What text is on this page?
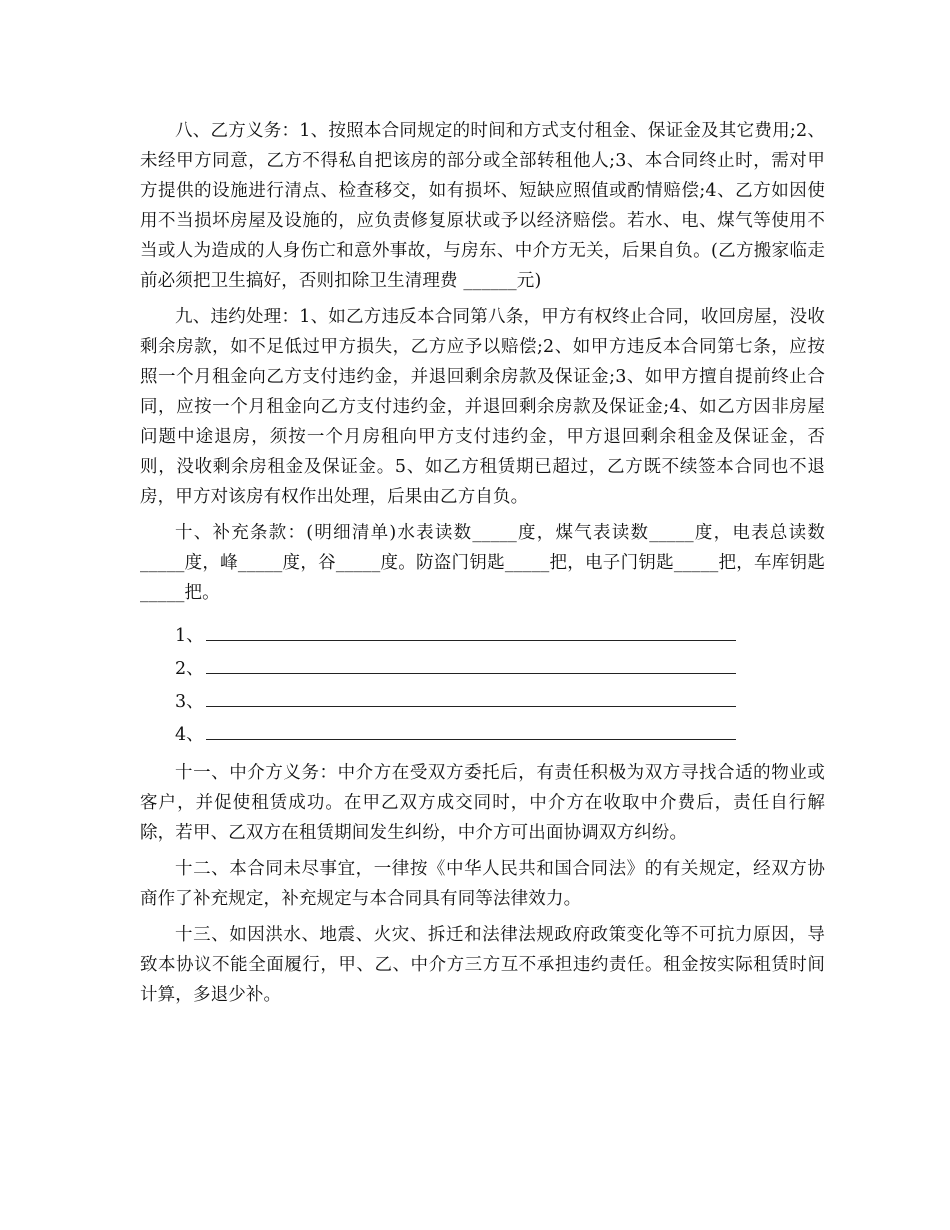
八、乙方义务：1、按照本合同规定的时间和方式支付租金、保证金及其它费用;2、未经甲方同意，乙方不得私自把该房的部分或全部转租他人;3、本合同终止时，需对甲方提供的设施进行清点、检查移交，如有损坏、短缺应照值或酌情赔偿;4、乙方如因使用不当损坏房屋及设施的，应负责修复原状或予以经济赔偿。若水、电、煤气等使用不当或人为造成的人身伤亡和意外事故，与房东、中介方无关，后果自负。(乙方搬家临走前必须把卫生搞好，否则扣除卫生清理费 ______元)

九、违约处理：1、如乙方违反本合同第八条，甲方有权终止合同，收回房屋，没收剩余房款，如不足低过甲方损失，乙方应予以赔偿;2、如甲方违反本合同第七条，应按照一个月租金向乙方支付违约金，并退回剩余房款及保证金;3、如甲方擅自提前终止合同，应按一个月租金向乙方支付违约金，并退回剩余房款及保证金;4、如乙方因非房屋问题中途退房，须按一个月房租向甲方支付违约金，甲方退回剩余租金及保证金，否则，没收剩余房租金及保证金。5、如乙方租赁期已超过，乙方既不续签本合同也不退房，甲方对该房有权作出处理，后果由乙方自负。

十、补充条款：(明细清单)水表读数_____度，煤气表读数_____度，电表总读数_____度，峰_____度，谷_____度。防盗门钥匙_____把，电子门钥匙_____把，车库钥匙_____把。

1、
2、
3、
4、

十一、中介方义务：中介方在受双方委托后，有责任积极为双方寻找合适的物业或客户，并促使租赁成功。在甲乙双方成交同时，中介方在收取中介费后，责任自行解除，若甲、乙双方在租赁期间发生纠纷，中介方可出面协调双方纠纷。

十二、本合同未尽事宜，一律按《中华人民共和国合同法》的有关规定，经双方协商作了补充规定，补充规定与本合同具有同等法律效力。

十三、如因洪水、地震、火灾、拆迁和法律法规政府政策变化等不可抗力原因，导致本协议不能全面履行，甲、乙、中介方三方互不承担违约责任。租金按实际租赁时间计算，多退少补。
